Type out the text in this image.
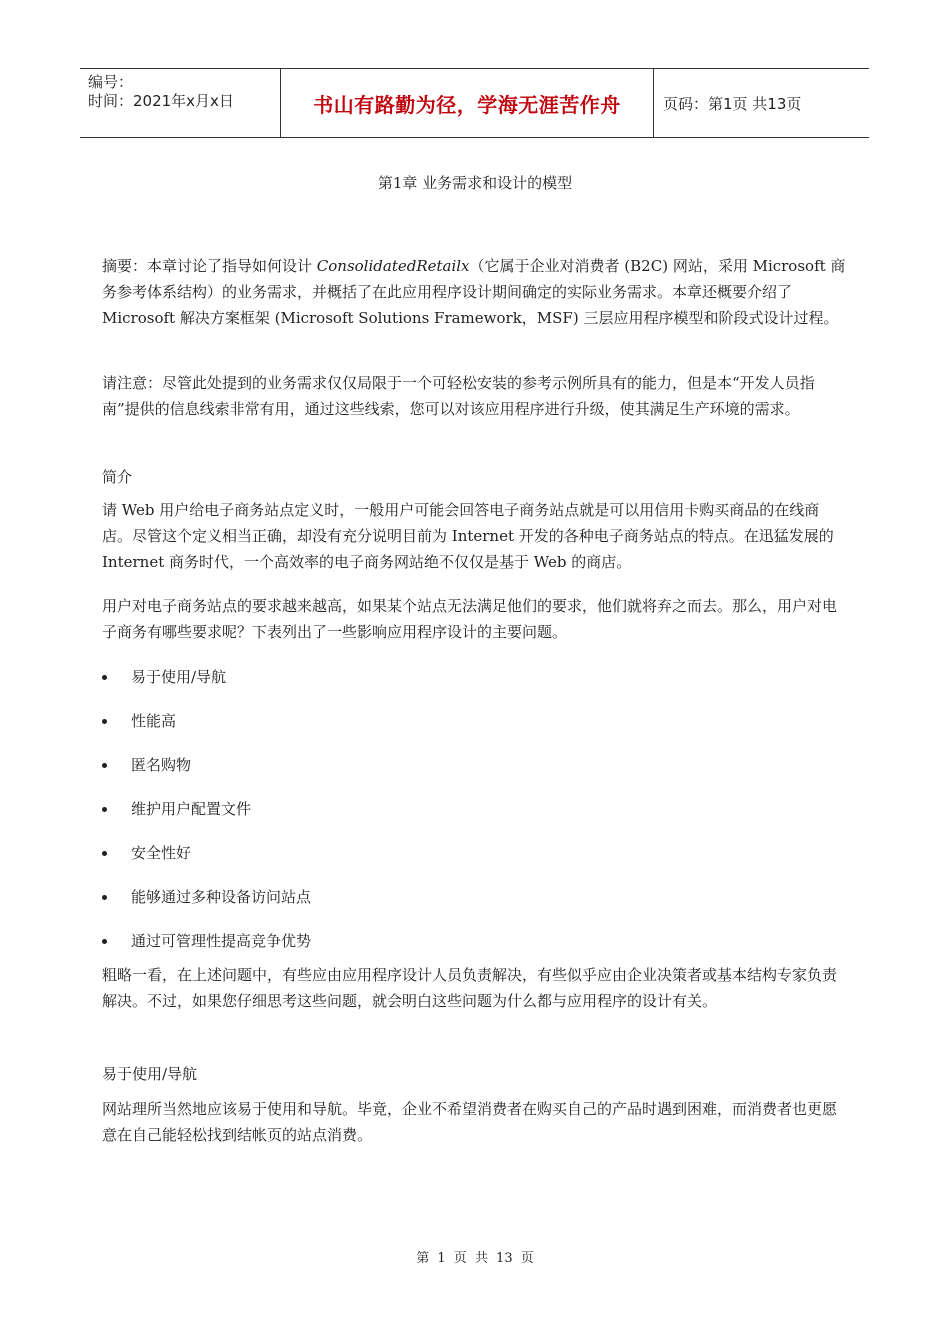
编号：
时间：2021年x月x日	书山有路勤为径，学海无涯苦作舟	页码：第1页 共13页
第1章 业务需求和设计的模型
摘要：本章讨论了指导如何设计 ConsolidatedRetailx（它属于企业对消费者 (B2C) 网站，采用 Microsoft 商务参考体系结构）的业务需求，并概括了在此应用程序设计期间确定的实际业务需求。本章还概要介绍了 Microsoft 解决方案框架 (Microsoft Solutions Framework，MSF) 三层应用程序模型和阶段式设计过程。
请注意：尽管此处提到的业务需求仅仅局限于一个可轻松安装的参考示例所具有的能力，但是本“开发人员指南”提供的信息线索非常有用，通过这些线索，您可以对该应用程序进行升级，使其满足生产环境的需求。
简介
请 Web 用户给电子商务站点定义时，一般用户可能会回答电子商务站点就是可以用信用卡购买商品的在线商店。尽管这个定义相当正确，却没有充分说明目前为 Internet 开发的各种电子商务站点的特点。在迅猛发展的 Internet 商务时代，一个高效率的电子商务网站绝不仅仅是基于 Web 的商店。
用户对电子商务站点的要求越来越高，如果某个站点无法满足他们的要求，他们就将弃之而去。那么，用户对电子商务有哪些要求呢？下表列出了一些影响应用程序设计的主要问题。
易于使用/导航
性能高
匿名购物
维护用户配置文件
安全性好
能够通过多种设备访问站点
通过可管理性提高竞争优势
粗略一看，在上述问题中，有些应由应用程序设计人员负责解决，有些似乎应由企业决策者或基本结构专家负责解决。不过，如果您仔细思考这些问题，就会明白这些问题为什么都与应用程序的设计有关。
易于使用/导航
网站理所当然地应该易于使用和导航。毕竟，企业不希望消费者在购买自己的产品时遇到困难，而消费者也更愿意在自己能轻松找到结帐页的站点消费。
第 1 页 共 13 页
